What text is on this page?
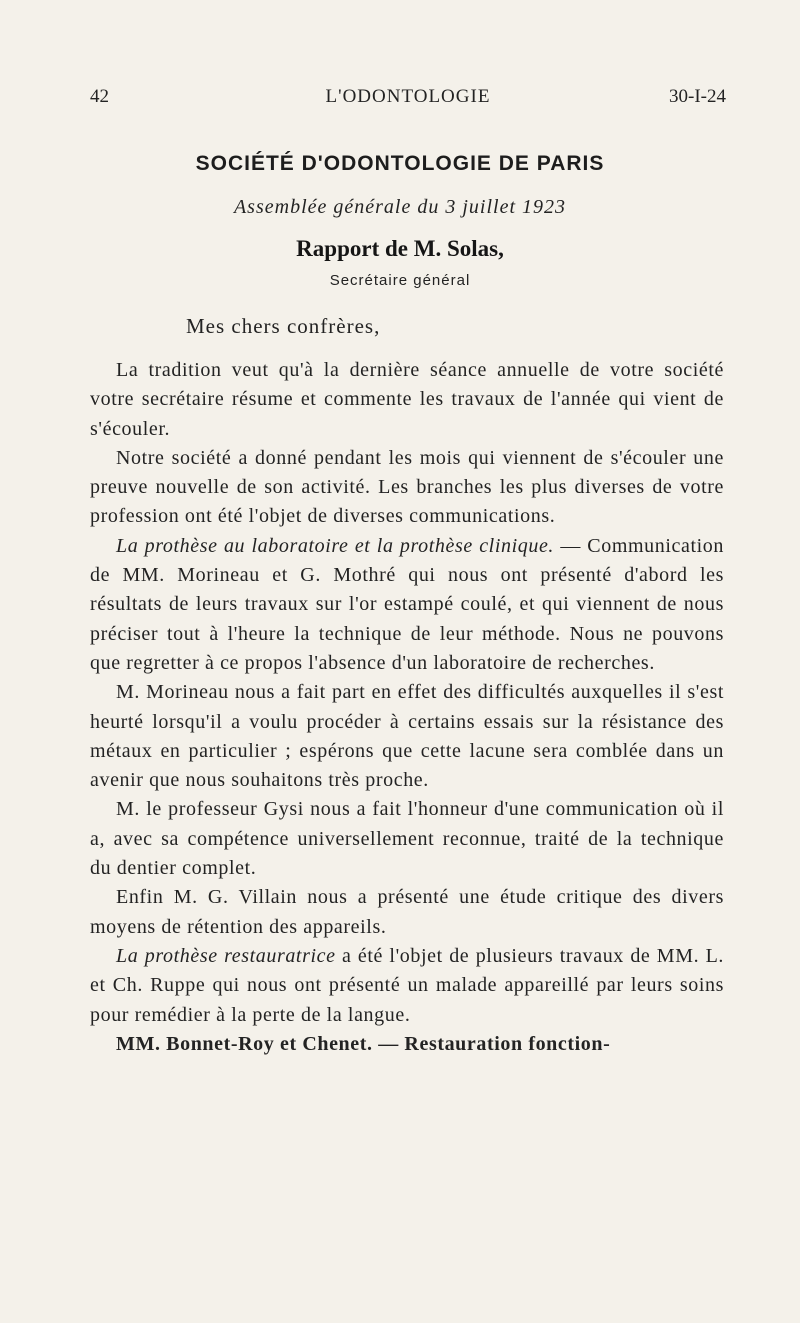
42	L'ODONTOLOGIE	30-I-24
SOCIÉTÉ D'ODONTOLOGIE DE PARIS
Assemblée générale du 3 juillet 1923
Rapport de M. Solas,
Secrétaire général
Mes chers confrères,

La tradition veut qu'à la dernière séance annuelle de votre société votre secrétaire résume et commente les travaux de l'année qui vient de s'écouler.

Notre société a donné pendant les mois qui viennent de s'écouler une preuve nouvelle de son activité. Les branches les plus diverses de votre profession ont été l'objet de diverses communications.

La prothèse au laboratoire et la prothèse clinique. — Communication de MM. Morineau et G. Mothré qui nous ont présenté d'abord les résultats de leurs travaux sur l'or estampé coulé, et qui viennent de nous préciser tout à l'heure la technique de leur méthode. Nous ne pouvons que regretter à ce propos l'absence d'un laboratoire de recherches.

M. Morineau nous a fait part en effet des difficultés auxquelles il s'est heurté lorsqu'il a voulu procéder à certains essais sur la résistance des métaux en particulier ; espérons que cette lacune sera comblée dans un avenir que nous souhaitons très proche.

M. le professeur Gysi nous a fait l'honneur d'une communication où il a, avec sa compétence universellement reconnue, traité de la technique du dentier complet.

Enfin M. G. Villain nous a présenté une étude critique des divers moyens de rétention des appareils.

La prothèse restauratrice a été l'objet de plusieurs travaux de MM. L. et Ch. Ruppe qui nous ont présenté un malade appareillé par leurs soins pour remédier à la perte de la langue.

MM. Bonnet-Roy et Chenet. — Restauration fonction-
